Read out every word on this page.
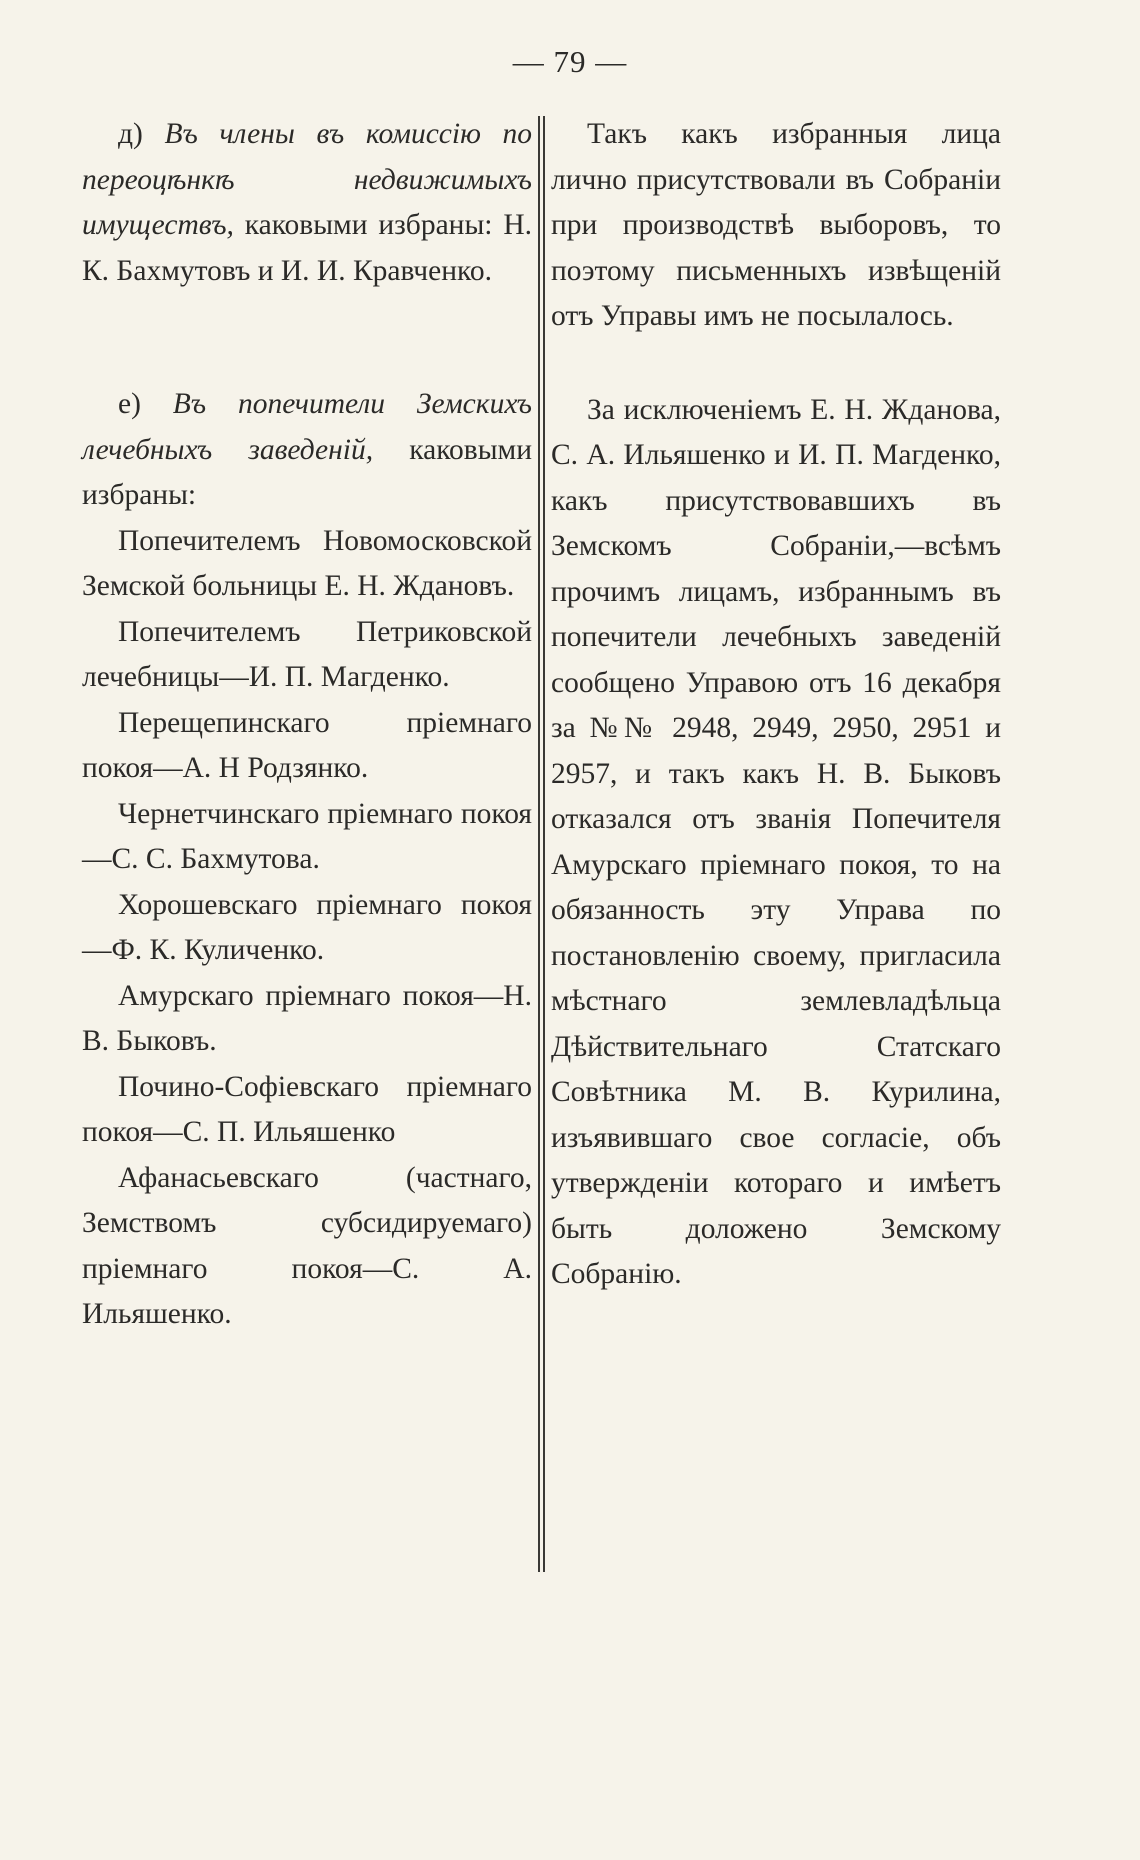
— 79 —

д) Въ члены въ комиссію по переоцѣнкѣ недвижимыхъ имуществъ, каковыми избраны: Н. К. Бахмутовъ и И. И. Кравченко.

е) Въ попечители Земскихъ лечебныхъ заведеній, каковыми избраны:

Попечителемъ Новомосковской Земской больницы Е. Н. Ждановъ.

Попечителемъ Петриковской лечебницы—И. П. Магденко.

Перещепинскаго пріемнаго покоя—А. Н Родзянко.

Чернетчинскаго пріемнаго покоя—С. С. Бахмутова.

Хорошевскаго пріемнаго покоя—Ф. К. Куличенко.

Амурскаго пріемнаго покоя—Н. В. Быковъ.

Почино-Софіевскаго пріемнаго покоя—С. П. Ильяшенко

Афанасьевскаго (частнаго, Земствомъ субсидируемаго) пріемнаго покоя—С. А. Ильяшенко.

Такъ какъ избранныя лица лично присутствовали въ Собраніи при производствѣ выборовъ, то поэтому письменныхъ извѣщеній отъ Управы имъ не посылалось.

За исключеніемъ Е. Н. Жданова, С. А. Ильяшенко и И. П. Магденко, какъ присутствовавшихъ въ Земскомъ Собраніи,—всѣмъ прочимъ лицамъ, избраннымъ въ попечители лечебныхъ заведеній сообщено Управою отъ 16 декабря за №№ 2948, 2949, 2950, 2951 и 2957, и такъ какъ Н. В. Быковъ отказался отъ званія Попечителя Амурскаго пріемнаго покоя, то на обязанность эту Управа по постановленію своему, пригласила мѣстнаго землевладѣльца Дѣйствительнаго Статскаго Совѣтника М. В. Курилина, изъявившаго свое согласіе, объ утвержденіи котораго и имѣетъ быть доложено Земскому Собранію.
